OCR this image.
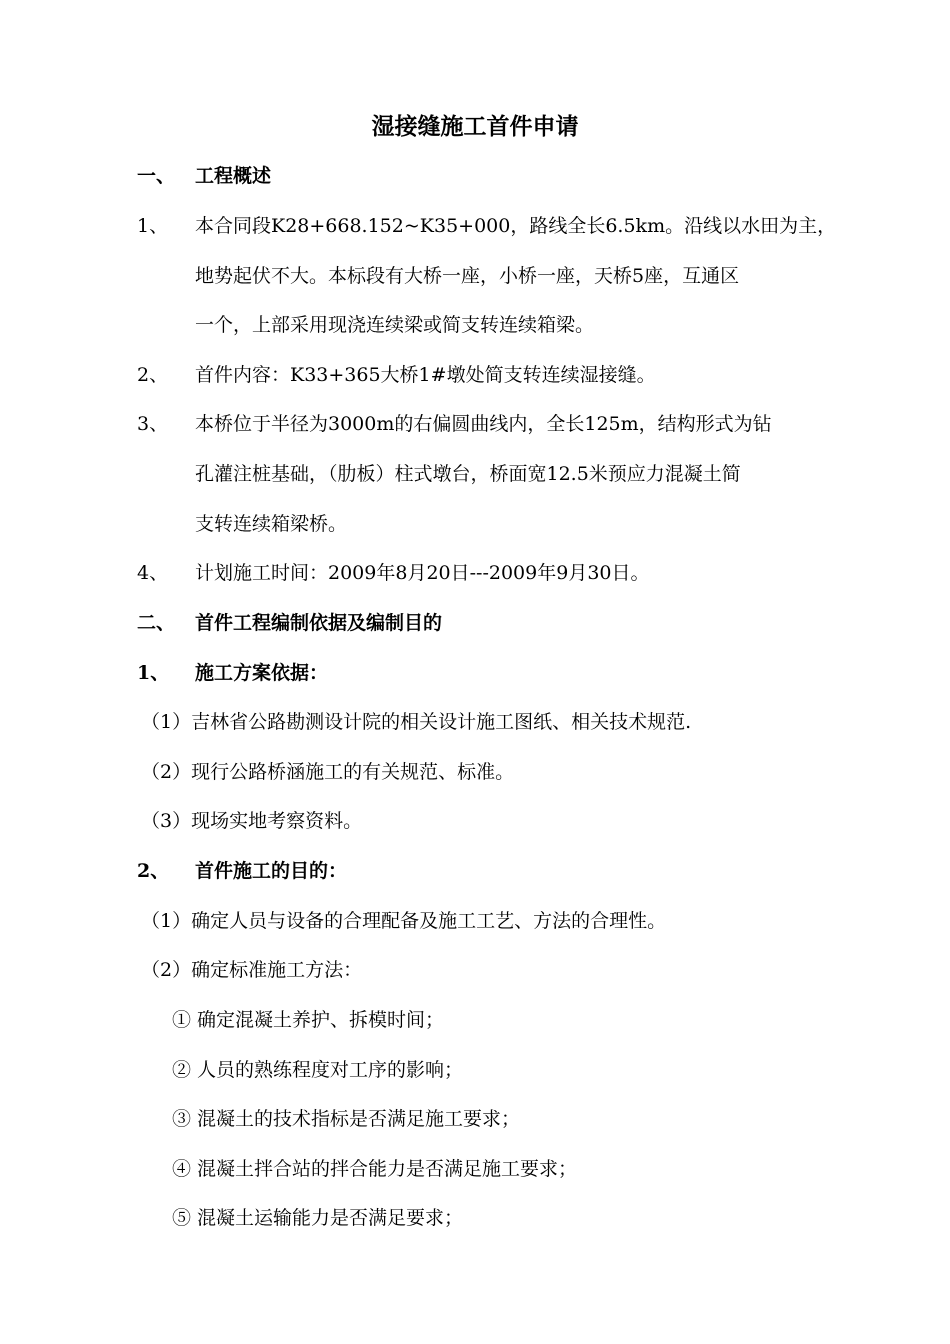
湿接缝施工首件申请
一、 工程概述
1、 本合同段K28+668.152~K35+000，路线全长6.5km。沿线以水田为主，
地势起伏不大。本标段有大桥一座，小桥一座，天桥5座，互通区
一个，上部采用现浇连续梁或简支转连续箱梁。
2、 首件内容：K33+365大桥1#墩处简支转连续湿接缝。
3、 本桥位于半径为3000m的右偏圆曲线内，全长125m，结构形式为钻
孔灌注桩基础，（肋板）柱式墩台，桥面宽12.5米预应力混凝土简
支转连续箱梁桥。
4、 计划施工时间：2009年8月20日---2009年9月30日。
二、 首件工程编制依据及编制目的
1、 施工方案依据：
（1）吉林省公路勘测设计院的相关设计施工图纸、相关技术规范.
（2）现行公路桥涵施工的有关规范、标准。
（3）现场实地考察资料。
2、 首件施工的目的：
（1）确定人员与设备的合理配备及施工工艺、方法的合理性。
（2）确定标准施工方法：
① 确定混凝土养护、拆模时间；
② 人员的熟练程度对工序的影响；
③ 混凝土的技术指标是否满足施工要求；
④ 混凝土拌合站的拌合能力是否满足施工要求；
⑤ 混凝土运输能力是否满足要求；
